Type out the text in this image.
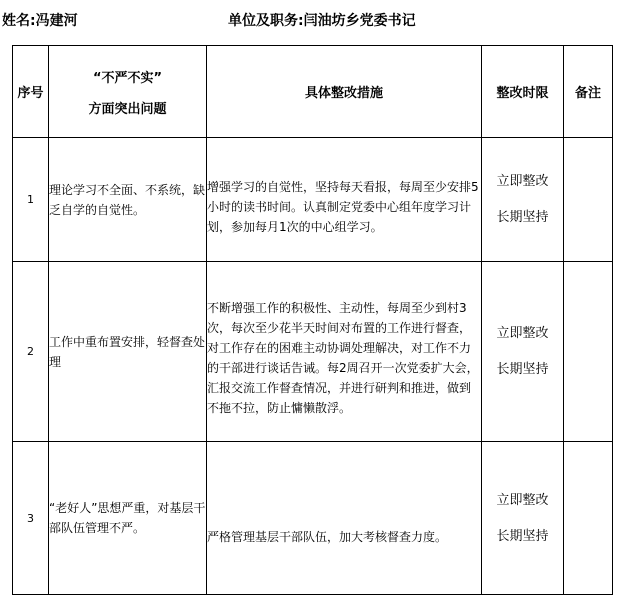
姓名:冯建河	单位及职务:闫油坊乡党委书记
序号	“不严不实”
方面突出问题	具体整改措施	整改时限	备注
1	理论学习不全面、不系统，缺乏自学的自觉性。	增强学习的自觉性，坚持每天看报，每周至少安排5小时的读书时间。认真制定党委中心组年度学习计划，参加每月1次的中心组学习。	立即整改
长期坚持	

2	工作中重布置安排，轻督查处理	不断增强工作的积极性、主动性，每周至少到村3次，每次至少花半天时间对布置的工作进行督查，对工作存在的困难主动协调处理解决，对工作不力的干部进行谈话告诫。每2周召开一次党委扩大会，汇报交流工作督查情况，并进行研判和推进，做到不拖不拉，防止慵懒散浮。	立即整改
长期坚持	

3	“老好人”思想严重，对基层干部队伍管理不严。	严格管理基层干部队伍，加大考核督查力度。	立即整改
长期坚持	
